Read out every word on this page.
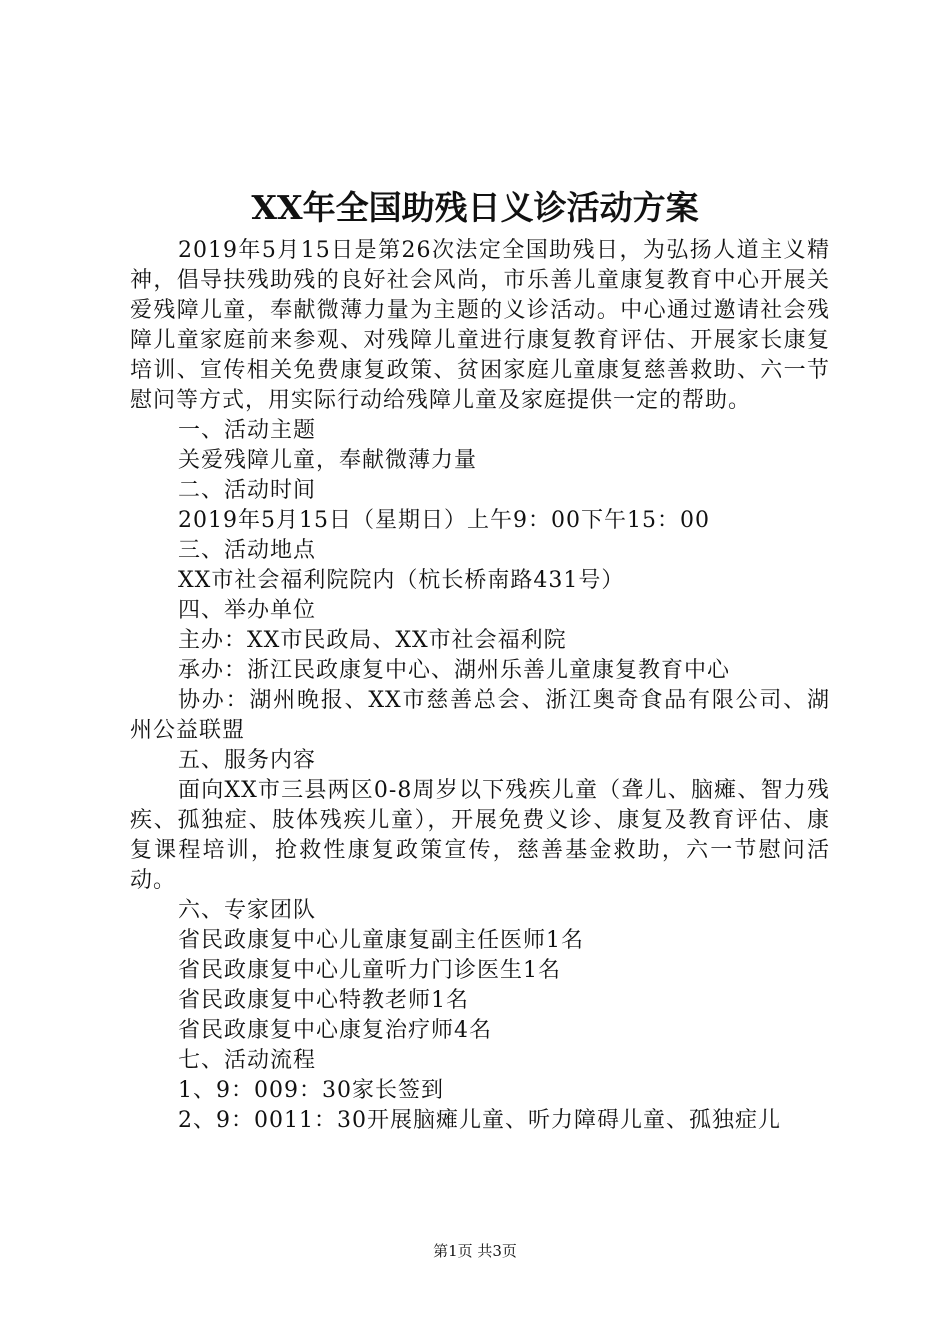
XX年全国助残日义诊活动方案

2019年5月15日是第26次法定全国助残日，为弘扬人道主义精神，倡导扶残助残的良好社会风尚，市乐善儿童康复教育中心开展关爱残障儿童，奉献微薄力量为主题的义诊活动。中心通过邀请社会残障儿童家庭前来参观、对残障儿童进行康复教育评估、开展家长康复培训、宣传相关免费康复政策、贫困家庭儿童康复慈善救助、六一节慰问等方式，用实际行动给残障儿童及家庭提供一定的帮助。

一、活动主题

关爱残障儿童，奉献微薄力量

二、活动时间

2019年5月15日（星期日）上午9：00下午15：00

三、活动地点

XX市社会福利院院内（杭长桥南路431号）

四、举办单位

主办：XX市民政局、XX市社会福利院

承办：浙江民政康复中心、湖州乐善儿童康复教育中心

协办：湖州晚报、XX市慈善总会、浙江奥奇食品有限公司、湖州公益联盟

五、服务内容

面向XX市三县两区0-8周岁以下残疾儿童（聋儿、脑瘫、智力残疾、孤独症、肢体残疾儿童），开展免费义诊、康复及教育评估、康复课程培训，抢救性康复政策宣传，慈善基金救助，六一节慰问活动。

六、专家团队

省民政康复中心儿童康复副主任医师1名

省民政康复中心儿童听力门诊医生1名

省民政康复中心特教老师1名

省民政康复中心康复治疗师4名

七、活动流程

1、9：009：30家长签到

2、9：0011：30开展脑瘫儿童、听力障碍儿童、孤独症儿

第1页 共3页
